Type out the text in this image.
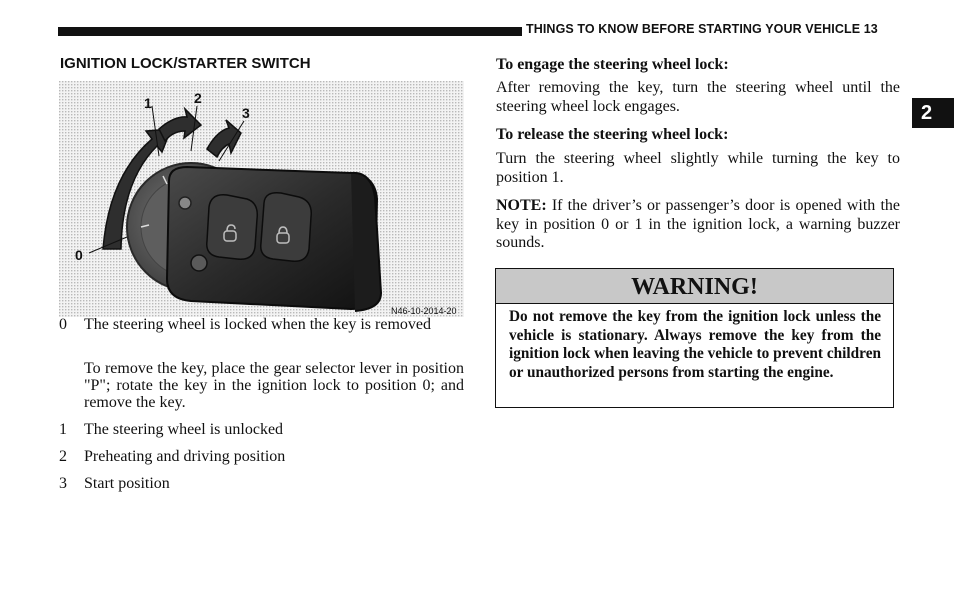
THINGS TO KNOW BEFORE STARTING YOUR VEHICLE 13
2
IGNITION LOCK/STARTER SWITCH
1	2
3
0
N46-10-2014-20
0 The steering wheel is locked when the key is removed
To remove the key, place the gear selector lever in position "P"; rotate the key in the ignition lock to position 0; and remove the key.
1 The steering wheel is unlocked
2 Preheating and driving position
3 Start position
To engage the steering wheel lock:
After removing the key, turn the steering wheel until the steering wheel lock engages.
To release the steering wheel lock:
Turn the steering wheel slightly while turning the key to position 1.
NOTE: If the driver’s or passenger’s door is opened with the key in position 0 or 1 in the ignition lock, a warning buzzer sounds.
WARNING!
Do not remove the key from the ignition lock unless the vehicle is stationary. Always remove the key from the ignition lock when leaving the vehicle to prevent children or unauthorized persons from starting the engine.
